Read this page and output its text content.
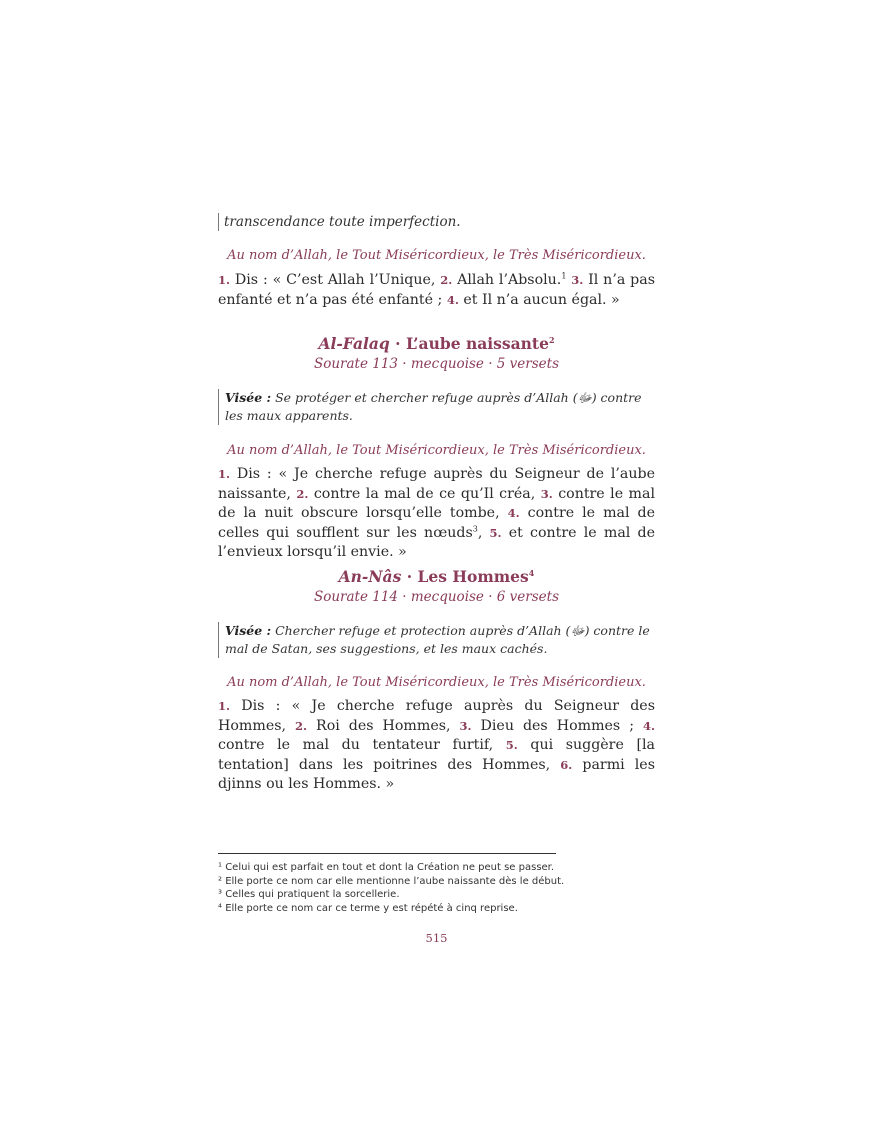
transcendance toute imperfection.
Au nom d’Allah, le Tout Miséricordieux, le Très Miséricordieux.
1. Dis : « C’est Allah l’Unique, 2. Allah l’Absolu.$^1$ 3. Il n’a pas enfanté et n’a pas été enfanté ; 4. et Il n’a aucun égal. »
Al-Falaq · L’aube naissante$^2$
Sourate 113 · mecquoise · 5 versets
Visée : Se protéger et chercher refuge auprès d’Allah (ﷻ) contre les maux apparents.
Au nom d’Allah, le Tout Miséricordieux, le Très Miséricordieux.
1. Dis : « Je cherche refuge auprès du Seigneur de l’aube naissante, 2. contre la mal de ce qu’Il créa, 3. contre le mal de la nuit obscure lorsqu’elle tombe, 4. contre le mal de celles qui soufflent sur les nœuds$^3$, 5. et contre le mal de l’envieux lorsqu’il envie. »
An-Nâs · Les Hommes$^4$
Sourate 114 · mecquoise · 6 versets
Visée : Chercher refuge et protection auprès d’Allah (ﷻ) contre le mal de Satan, ses suggestions, et les maux cachés.
Au nom d’Allah, le Tout Miséricordieux, le Très Miséricordieux.
1. Dis : « Je cherche refuge auprès du Seigneur des Hommes, 2. Roi des Hommes, 3. Dieu des Hommes ; 4. contre le mal du tentateur furtif, 5. qui suggère [la tentation] dans les poitrines des Hommes, 6. parmi les djinns ou les Hommes. »
¹ Celui qui est parfait en tout et dont la Création ne peut se passer.
² Elle porte ce nom car elle mentionne l’aube naissante dès le début.
³ Celles qui pratiquent la sorcellerie.
⁴ Elle porte ce nom car ce terme y est répété à cinq reprise.
515
